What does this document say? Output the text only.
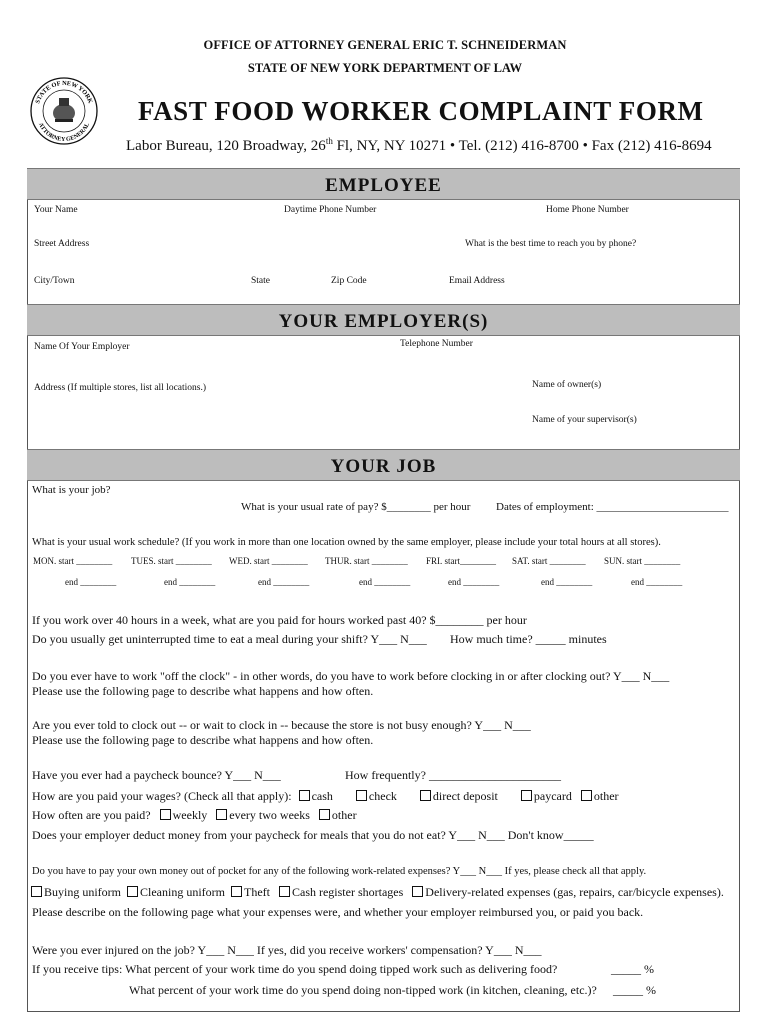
OFFICE OF ATTORNEY GENERAL ERIC T. SCHNEIDERMAN
STATE OF NEW YORK DEPARTMENT OF LAW
STATE OF NEW YORK
ATTORNEY GENERAL FAST FOOD WORKER COMPLAINT FORM
Labor Bureau, 120 Broadway, 26th Fl, NY, NY 10271 • Tel. (212) 416-8700 • Fax (212) 416-8694
EMPLOYEE
Your Name	Daytime Phone Number	Home Phone Number
Street Address	What is the best time to reach you by phone?
City/Town	State	Zip Code	Email Address
YOUR EMPLOYER(S)
Name Of Your Employer	Telephone Number
Address (If multiple stores, list all locations.)	Name of owner(s)
Name of your supervisor(s)
YOUR JOB
What is your job?
What is your usual rate of pay? $________ per hour Dates of employment: ________________________
What is your usual work schedule? (If you work in more than one location owned by the same employer, please include your total hours at all stores).
MON. start ________ TUES. start ________ WED. start ________ THUR. start ________ FRI. start________ SAT. start ________ SUN. start ________
end ________	end ________	end ________	end ________	end ________	end ________	end ________
If you work over 40 hours in a week, what are you paid for hours worked past 40? $________ per hour
Do you usually get uninterrupted time to eat a meal during your shift? Y___ N___ How much time? _____ minutes
Do you ever have to work "off the clock" - in other words, do you have to work before clocking in or after clocking out? Y___ N___
Please use the following page to describe what happens and how often.
Are you ever told to clock out -- or wait to clock in -- because the store is not busy enough? Y___ N___
Please use the following page to describe what happens and how often.
Have you ever had a paycheck bounce? Y___ N___	How frequently? ______________________
How are you paid your wages? (Check all that apply): cash	check	direct deposit	paycard other
How often are you paid? weekly every two weeks other
Does your employer deduct money from your paycheck for meals that you do not eat? Y___ N___ Don't know_____
Do you have to pay your own money out of pocket for any of the following work-related expenses? Y___ N___ If yes, please check all that apply.
Buying uniform Cleaning uniform Theft Cash register shortages Delivery-related expenses (gas, repairs, car/bicycle expenses).
Please describe on the following page what your expenses were, and whether your employer reimbursed you, or paid you back.
Were you ever injured on the job? Y___ N___ If yes, did you receive workers' compensation? Y___ N___
If you receive tips: What percent of your work time do you spend doing tipped work such as delivering food?	_____ %
What percent of your work time do you spend doing non-tipped work (in kitchen, cleaning, etc.)? _____ %
